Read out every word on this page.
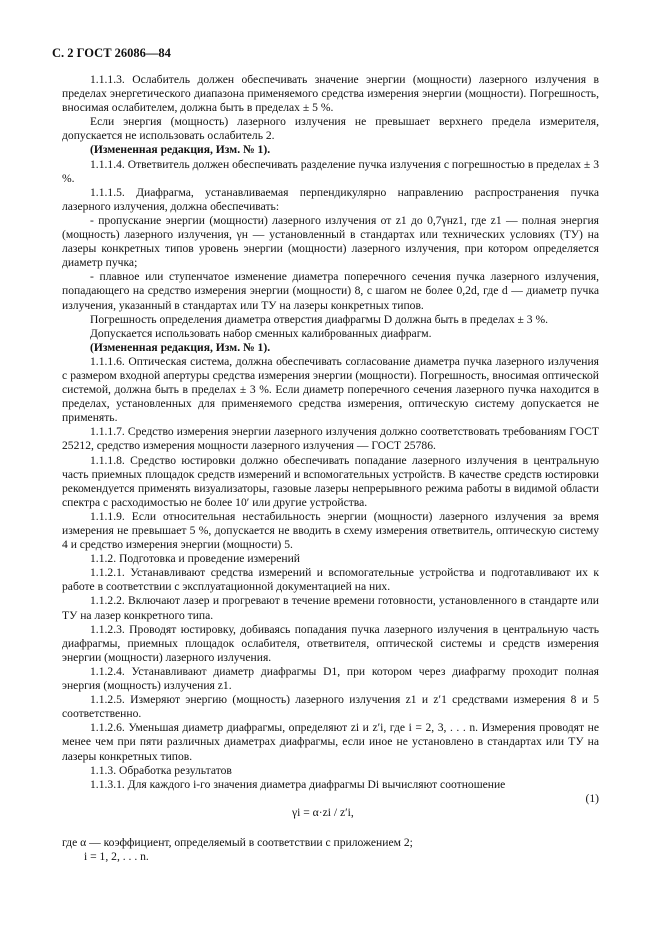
С. 2 ГОСТ 26086—84

1.1.1.3. Ослабитель должен обеспечивать значение энергии (мощности) лазерного излучения в пределах энергетического диапазона применяемого средства измерения энергии (мощности). Погрешность, вносимая ослабителем, должна быть в пределах ± 5 %.

Если энергия (мощность) лазерного излучения не превышает верхнего предела измерителя, допускается не использовать ослабитель 2.

(Измененная редакция, Изм. № 1).

1.1.1.4. Ответвитель должен обеспечивать разделение пучка излучения с погрешностью в пределах ± 3 %.

1.1.1.5. Диафрагма, устанавливаемая перпендикулярно направлению распространения пучка лазерного излучения, должна обеспечивать:

- пропускание энергии (мощности) лазерного излучения от z1 до 0,7γнz1, где z1 — полная энергия (мощность) лазерного излучения, γн — установленный в стандартах или технических условиях (ТУ) на лазеры конкретных типов уровень энергии (мощности) лазерного излучения, при котором определяется диаметр пучка;

- плавное или ступенчатое изменение диаметра поперечного сечения пучка лазерного излучения, попадающего на средство измерения энергии (мощности) 8, с шагом не более 0,2d, где d — диаметр пучка излучения, указанный в стандартах или ТУ на лазеры конкретных типов.

Погрешность определения диаметра отверстия диафрагмы D должна быть в пределах ± 3 %.

Допускается использовать набор сменных калиброванных диафрагм.

(Измененная редакция, Изм. № 1).

1.1.1.6. Оптическая система, должна обеспечивать согласование диаметра пучка лазерного излучения с размером входной апертуры средства измерения энергии (мощности). Погрешность, вносимая оптической системой, должна быть в пределах ± 3 %. Если диаметр поперечного сечения лазерного пучка находится в пределах, установленных для применяемого средства измерения, оптическую систему допускается не применять.

1.1.1.7. Средство измерения энергии лазерного излучения должно соответствовать требованиям ГОСТ 25212, средство измерения мощности лазерного излучения — ГОСТ 25786.

1.1.1.8. Средство юстировки должно обеспечивать попадание лазерного излучения в центральную часть приемных площадок средств измерений и вспомогательных устройств. В качестве средств юстировки рекомендуется применять визуализаторы, газовые лазеры непрерывного режима работы в видимой области спектра с расходимостью не более 10′ или другие устройства.

1.1.1.9. Если относительная нестабильность энергии (мощности) лазерного излучения за время измерения не превышает 5 %, допускается не вводить в схему измерения ответвитель, оптическую систему 4 и средство измерения энергии (мощности) 5.

1.1.2. Подготовка и проведение измерений

1.1.2.1. Устанавливают средства измерений и вспомогательные устройства и подготавливают их к работе в соответствии с эксплуатационной документацией на них.

1.1.2.2. Включают лазер и прогревают в течение времени готовности, установленного в стандарте или ТУ на лазер конкретного типа.

1.1.2.3. Проводят юстировку, добиваясь попадания пучка лазерного излучения в центральную часть диафрагмы, приемных площадок ослабителя, ответвителя, оптической системы и средств измерения энергии (мощности) лазерного излучения.

1.1.2.4. Устанавливают диаметр диафрагмы D1, при котором через диафрагму проходит полная энергия (мощность) излучения z1.

1.1.2.5. Измеряют энергию (мощность) лазерного излучения z1 и z′1 средствами измерения 8 и 5 соответственно.

1.1.2.6. Уменьшая диаметр диафрагмы, определяют zi и z′i, где i = 2, 3, . . . n. Измерения проводят не менее чем при пяти различных диаметрах диафрагмы, если иное не установлено в стандартах или ТУ на лазеры конкретных типов.

1.1.3. Обработка результатов

1.1.3.1. Для каждого i-го значения диаметра диафрагмы Di вычисляют соотношение

γi = α·zi / z′i,
(1)

где α — коэффициент, определяемый в соответствии с приложением 2;

i = 1, 2, . . . n.
